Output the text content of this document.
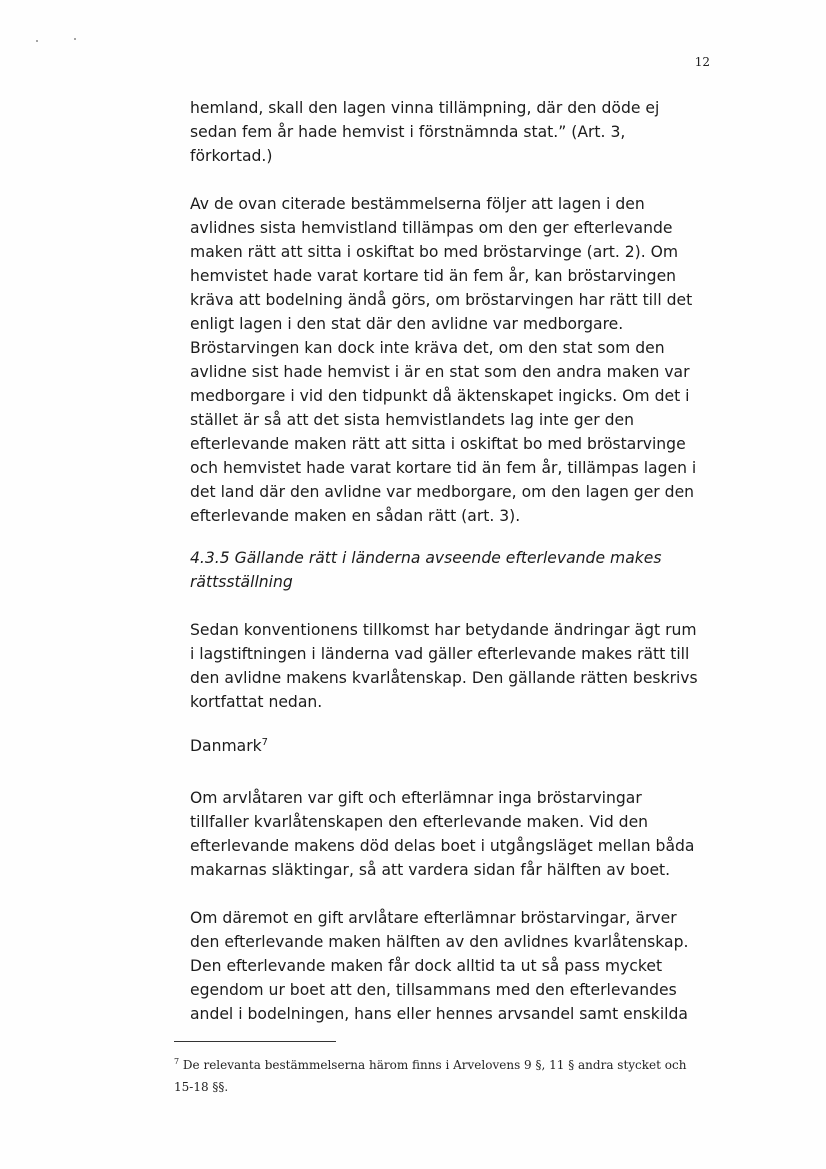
12
hemland, skall den lagen vinna tillämpning, där den döde ej
sedan fem år hade hemvist i förstnämnda stat.” (Art. 3,
förkortad.)
Av de ovan citerade bestämmelserna följer att lagen i den
avlidnes sista hemvistland tillämpas om den ger efterlevande
maken rätt att sitta i oskiftat bo med bröstarvinge (art. 2). Om
hemvistet hade varat kortare tid än fem år, kan bröstarvingen
kräva att bodelning ändå görs, om bröstarvingen har rätt till det
enligt lagen i den stat där den avlidne var medborgare.
Bröstarvingen kan dock inte kräva det, om den stat som den
avlidne sist hade hemvist i är en stat som den andra maken var
medborgare i vid den tidpunkt då äktenskapet ingicks. Om det i
stället är så att det sista hemvistlandets lag inte ger den
efterlevande maken rätt att sitta i oskiftat bo med bröstarvinge
och hemvistet hade varat kortare tid än fem år, tillämpas lagen i
det land där den avlidne var medborgare, om den lagen ger den
efterlevande maken en sådan rätt (art. 3).
4.3.5 Gällande rätt i länderna avseende efterlevande makes
rättsställning
Sedan konventionens tillkomst har betydande ändringar ägt rum
i lagstiftningen i länderna vad gäller efterlevande makes rätt till
den avlidne makens kvarlåtenskap. Den gällande rätten beskrivs
kortfattat nedan.
Danmark$^7$
Om arvlåtaren var gift och efterlämnar inga bröstarvingar
tillfaller kvarlåtenskapen den efterlevande maken. Vid den
efterlevande makens död delas boet i utgångsläget mellan båda
makarnas släktingar, så att vardera sidan får hälften av boet.
Om däremot en gift arvlåtare efterlämnar bröstarvingar, ärver
den efterlevande maken hälften av den avlidnes kvarlåtenskap.
Den efterlevande maken får dock alltid ta ut så pass mycket
egendom ur boet att den, tillsammans med den efterlevandes
andel i bodelningen, hans eller hennes arvsandel samt enskilda
$^7$ De relevanta bestämmelserna härom finns i Arvelovens 9 §, 11 § andra stycket och
15-18 §§.
